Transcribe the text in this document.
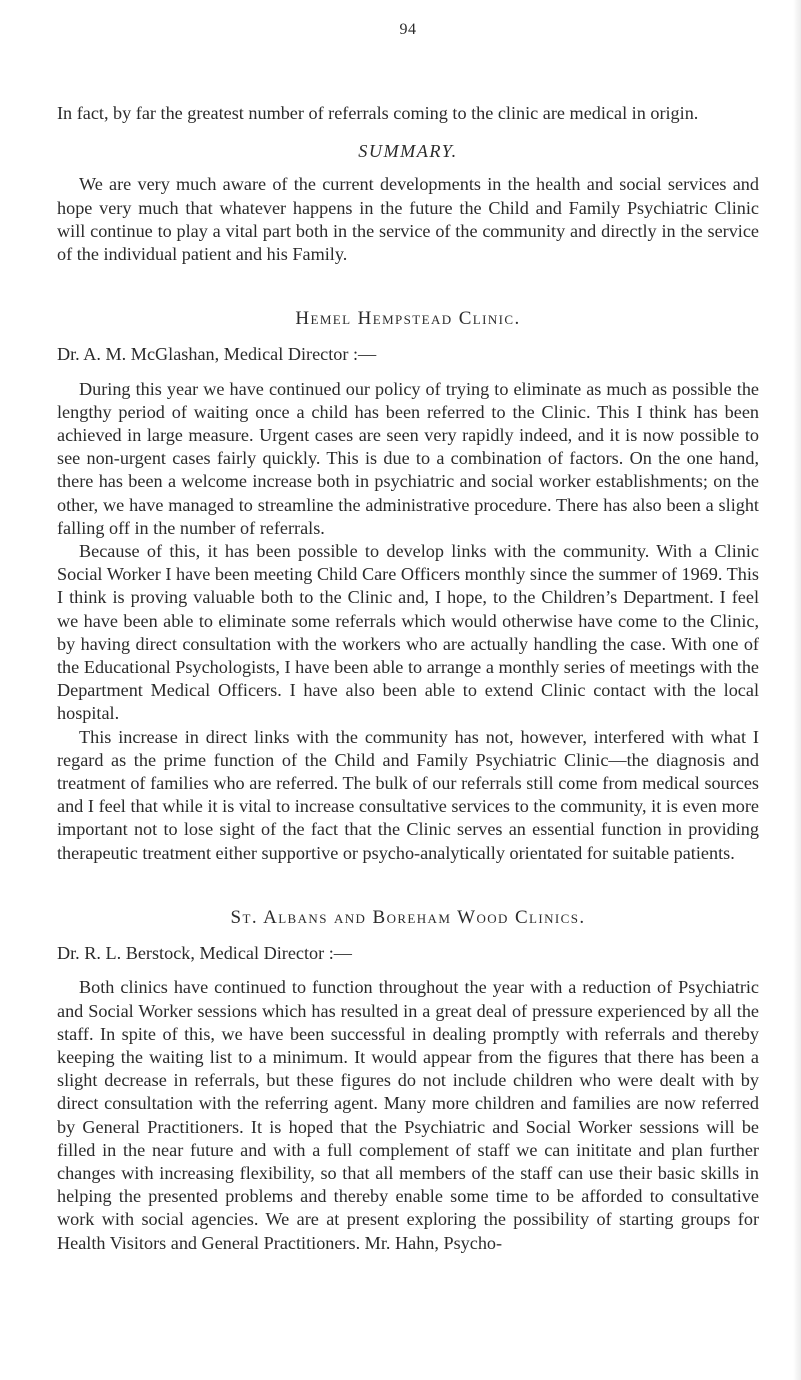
94

In fact, by far the greatest number of referrals coming to the clinic are medical in origin.

SUMMARY.

We are very much aware of the current developments in the health and social services and hope very much that whatever happens in the future the Child and Family Psychiatric Clinic will continue to play a vital part both in the service of the community and directly in the service of the individual patient and his Family.

Hemel Hempstead Clinic.

Dr. A. M. McGlashan, Medical Director :—

During this year we have continued our policy of trying to eliminate as much as possible the lengthy period of waiting once a child has been referred to the Clinic. This I think has been achieved in large measure. Urgent cases are seen very rapidly indeed, and it is now possible to see non-urgent cases fairly quickly. This is due to a combination of factors. On the one hand, there has been a welcome increase both in psychiatric and social worker establishments; on the other, we have managed to streamline the administrative procedure. There has also been a slight falling off in the number of referrals.

Because of this, it has been possible to develop links with the community. With a Clinic Social Worker I have been meeting Child Care Officers monthly since the summer of 1969. This I think is proving valuable both to the Clinic and, I hope, to the Children’s Department. I feel we have been able to eliminate some referrals which would otherwise have come to the Clinic, by having direct consultation with the workers who are actually handling the case. With one of the Educational Psychologists, I have been able to arrange a monthly series of meetings with the Department Medical Officers. I have also been able to extend Clinic contact with the local hospital.

This increase in direct links with the community has not, however, interfered with what I regard as the prime function of the Child and Family Psychiatric Clinic—the diagnosis and treatment of families who are referred. The bulk of our referrals still come from medical sources and I feel that while it is vital to increase consultative services to the community, it is even more important not to lose sight of the fact that the Clinic serves an essential function in providing therapeutic treatment either supportive or psycho-analytically orientated for suitable patients.

St. Albans and Boreham Wood Clinics.

Dr. R. L. Berstock, Medical Director :—

Both clinics have continued to function throughout the year with a reduction of Psychiatric and Social Worker sessions which has resulted in a great deal of pressure experienced by all the staff. In spite of this, we have been successful in dealing promptly with referrals and thereby keeping the waiting list to a minimum. It would appear from the figures that there has been a slight decrease in referrals, but these figures do not include children who were dealt with by direct consultation with the referring agent. Many more children and families are now referred by General Practitioners. It is hoped that the Psychiatric and Social Worker sessions will be filled in the near future and with a full complement of staff we can inititate and plan further changes with increasing flexibility, so that all members of the staff can use their basic skills in helping the presented problems and thereby enable some time to be afforded to consultative work with social agencies. We are at present exploring the possibility of starting groups for Health Visitors and General Practitioners. Mr. Hahn, Psycho-
